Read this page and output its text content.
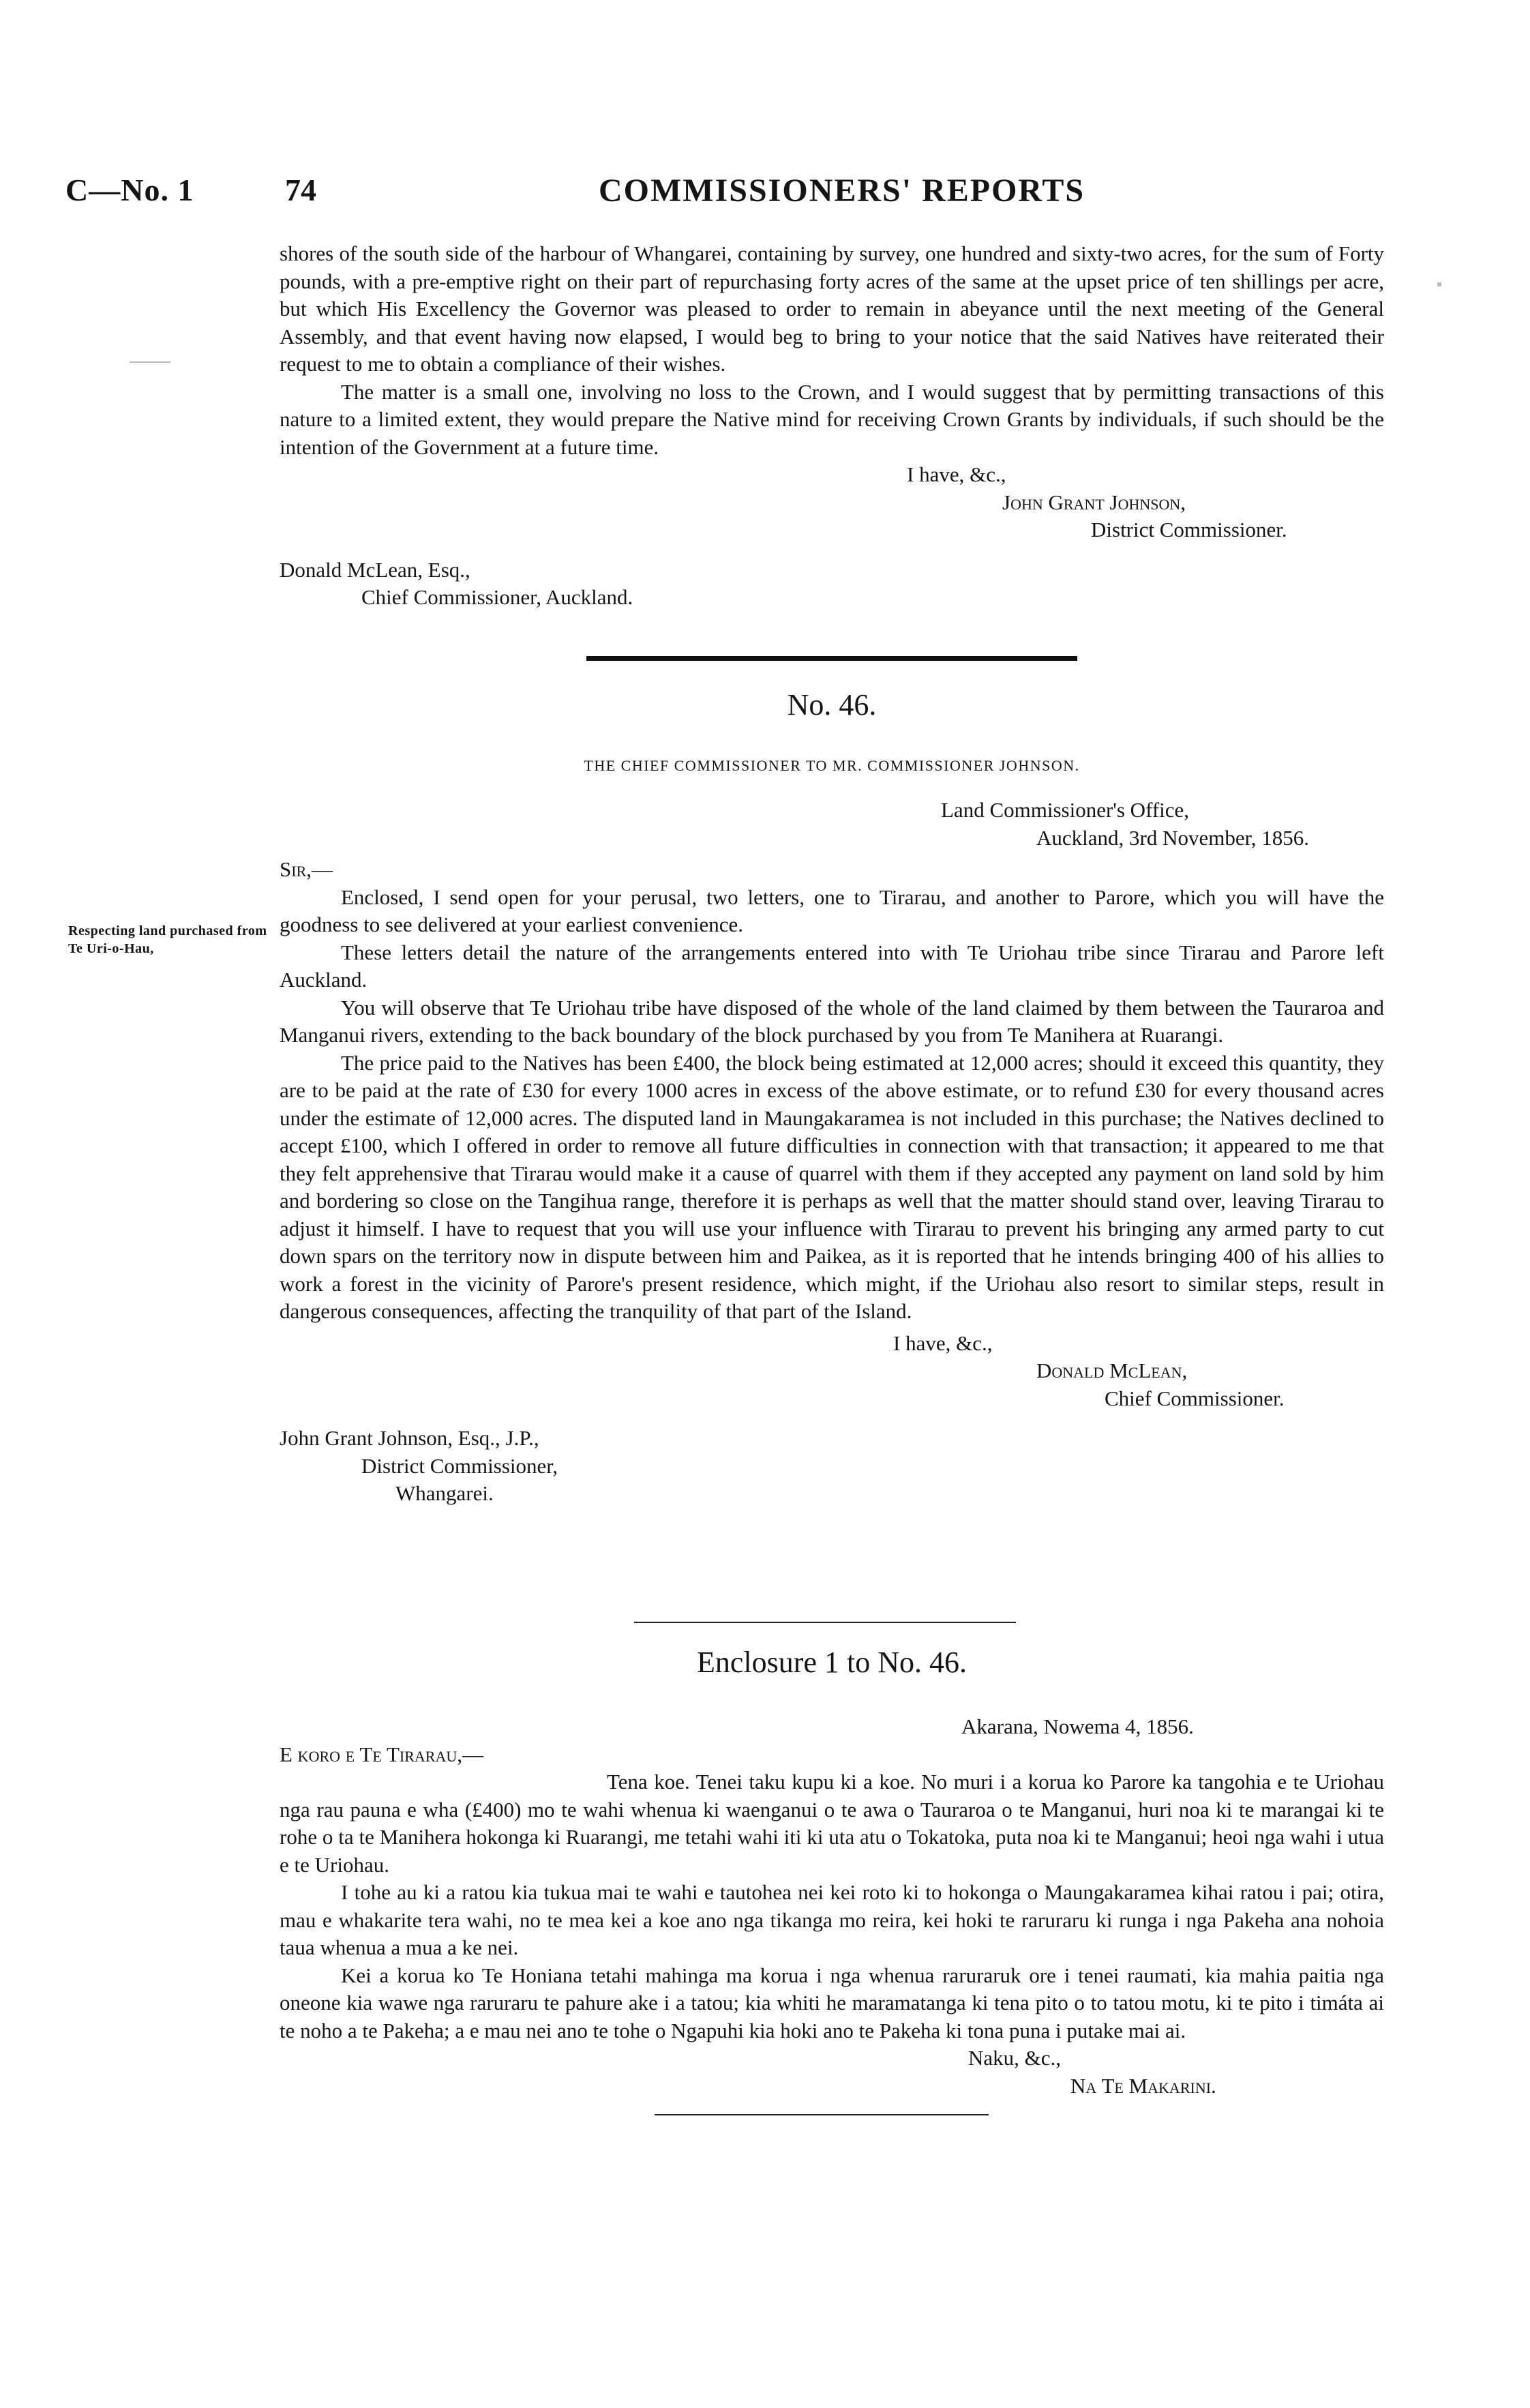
C—No. 1	74	COMMISSIONERS' REPORTS

shores of the south side of the harbour of Whangarei, containing by survey, one hundred and sixty-two acres, for the sum of Forty pounds, with a pre-emptive right on their part of repurchasing forty acres of the same at the upset price of ten shillings per acre, but which His Excellency the Governor was pleased to order to remain in abeyance until the next meeting of the General Assembly, and that event having now elapsed, I would beg to bring to your notice that the said Natives have reiterated their request to me to obtain a compliance of their wishes.

The matter is a small one, involving no loss to the Crown, and I would suggest that by permitting transactions of this nature to a limited extent, they would prepare the Native mind for receiving Crown Grants by individuals, if such should be the intention of the Government at a future time.

I have, &c.,
John Grant Johnson,
District Commissioner.
Donald McLean, Esq.,
Chief Commissioner, Auckland.
No. 46.
THE CHIEF COMMISSIONER TO MR. COMMISSIONER JOHNSON.
Land Commissioner's Office,
Auckland, 3rd November, 1856.
Sir,—

Enclosed, I send open for your perusal, two letters, one to Tirarau, and another to Parore, which you will have the goodness to see delivered at your earliest convenience.

These letters detail the nature of the arrangements entered into with Te Uriohau tribe since Tirarau and Parore left Auckland.

You will observe that Te Uriohau tribe have disposed of the whole of the land claimed by them between the Tauraroa and Manganui rivers, extending to the back boundary of the block purchased by you from Te Manihera at Ruarangi.

The price paid to the Natives has been £400, the block being estimated at 12,000 acres; should it exceed this quantity, they are to be paid at the rate of £30 for every 1000 acres in excess of the above estimate, or to refund £30 for every thousand acres under the estimate of 12,000 acres. The disputed land in Maungakaramea is not included in this purchase; the Natives declined to accept £100, which I offered in order to remove all future difficulties in connection with that transaction; it appeared to me that they felt apprehensive that Tirarau would make it a cause of quarrel with them if they accepted any payment on land sold by him and bordering so close on the Tangihua range, therefore it is perhaps as well that the matter should stand over, leaving Tirarau to adjust it himself. I have to request that you will use your influence with Tirarau to prevent his bringing any armed party to cut down spars on the territory now in dispute between him and Paikea, as it is reported that he intends bringing 400 of his allies to work a forest in the vicinity of Parore's present residence, which might, if the Uriohau also resort to similar steps, result in dangerous consequences, affecting the tranquility of that part of the Island.

I have, &c.,
Donald McLean,
Chief Commissioner.
John Grant Johnson, Esq., J.P.,
District Commissioner,
Whangarei.
Respecting land purchased from Te Uri-o-Hau,
Enclosure 1 to No. 46.
Akarana, Nowema 4, 1856.
E koro e Te Tirarau,—

Tena koe. Tenei taku kupu ki a koe. No muri i a korua ko Parore ka tangohia e te Uriohau nga rau pauna e wha (£400) mo te wahi whenua ki waenganui o te awa o Tauraroa o te Manganui, huri noa ki te marangai ki te rohe o ta te Manihera hokonga ki Ruarangi, me tetahi wahi iti ki uta atu o Tokatoka, puta noa ki te Manganui; heoi nga wahi i utua e te Uriohau.

I tohe au ki a ratou kia tukua mai te wahi e tautohea nei kei roto ki to hokonga o Maungakaramea kihai ratou i pai; otira, mau e whakarite tera wahi, no te mea kei a koe ano nga tikanga mo reira, kei hoki te raruraru ki runga i nga Pakeha ana nohoia taua whenua a mua a ke nei.

Kei a korua ko Te Honiana tetahi mahinga ma korua i nga whenua raruraruk ore i tenei raumati, kia mahia paitia nga oneone kia wawe nga raruraru te pahure ake i a tatou; kia whiti he maramatanga ki tena pito o to tatou motu, ki te pito i timáta ai te noho a te Pakeha; a e mau nei ano te tohe o Ngapuhi kia hoki ano te Pakeha ki tona puna i putake mai ai.

Naku, &c.,
Na Te Makarini.
